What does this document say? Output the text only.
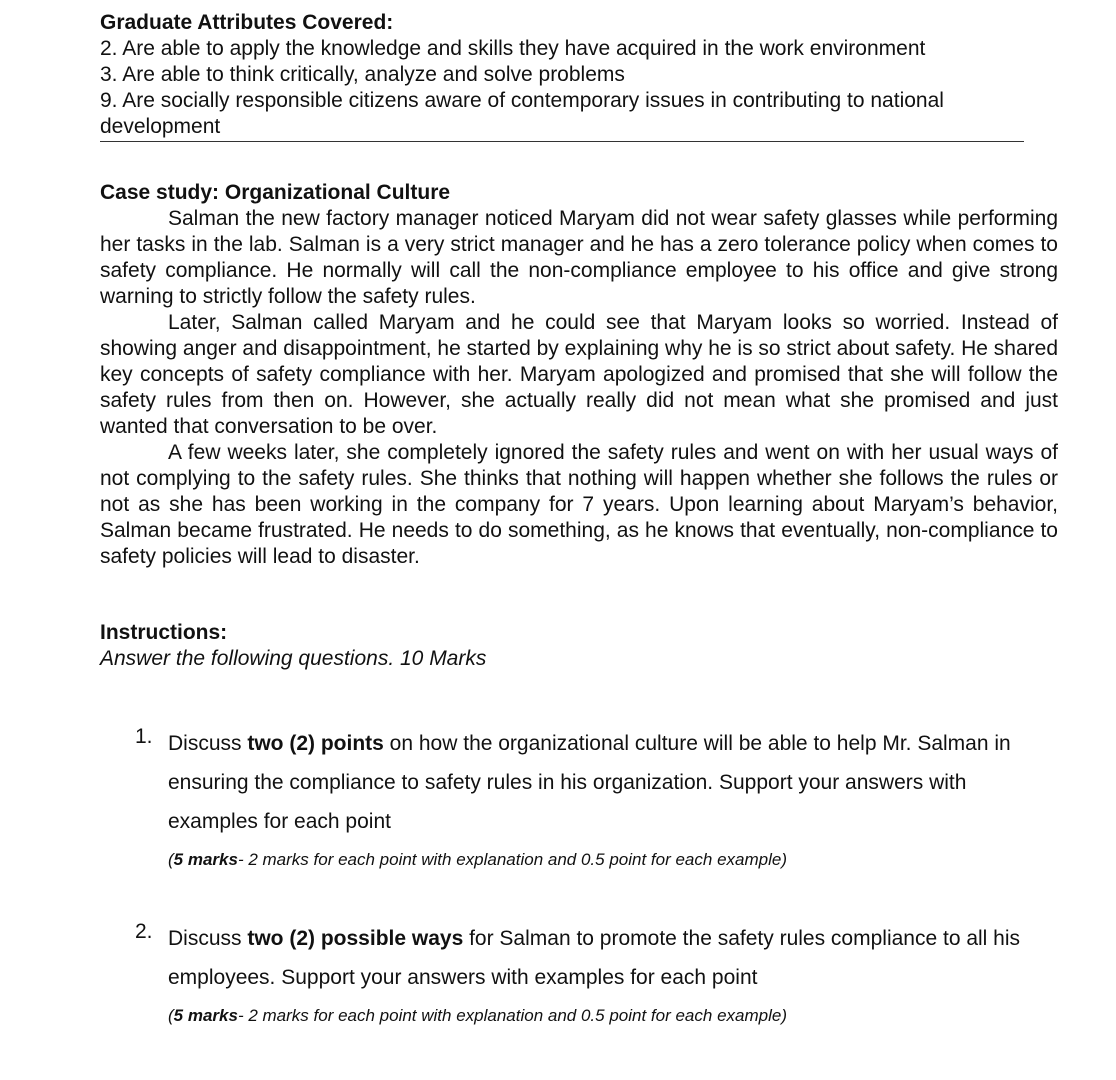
Graduate Attributes Covered:

2. Are able to apply the knowledge and skills they have acquired in the work environment
3. Are able to think critically, analyze and solve problems
9. Are socially responsible citizens aware of contemporary issues in contributing to national development

Case study: Organizational Culture

Salman the new factory manager noticed Maryam did not wear safety glasses while performing her tasks in the lab. Salman is a very strict manager and he has a zero tolerance policy when comes to safety compliance. He normally will call the non-compliance employee to his office and give strong warning to strictly follow the safety rules.

Later, Salman called Maryam and he could see that Maryam looks so worried. Instead of showing anger and disappointment, he started by explaining why he is so strict about safety. He shared key concepts of safety compliance with her. Maryam apologized and promised that she will follow the safety rules from then on. However, she actually really did not mean what she promised and just wanted that conversation to be over.

A few weeks later, she completely ignored the safety rules and went on with her usual ways of not complying to the safety rules. She thinks that nothing will happen whether she follows the rules or not as she has been working in the company for 7 years. Upon learning about Maryam’s behavior, Salman became frustrated. He needs to do something, as he knows that eventually, non-compliance to safety policies will lead to disaster.

Instructions:

Answer the following questions. 10 Marks

1. Discuss two (2) points on how the organizational culture will be able to help Mr. Salman in ensuring the compliance to safety rules in his organization. Support your answers with examples for each point

(5 marks- 2 marks for each point with explanation and 0.5 point for each example)

2. Discuss two (2) possible ways for Salman to promote the safety rules compliance to all his employees. Support your answers with examples for each point

(5 marks- 2 marks for each point with explanation and 0.5 point for each example)
